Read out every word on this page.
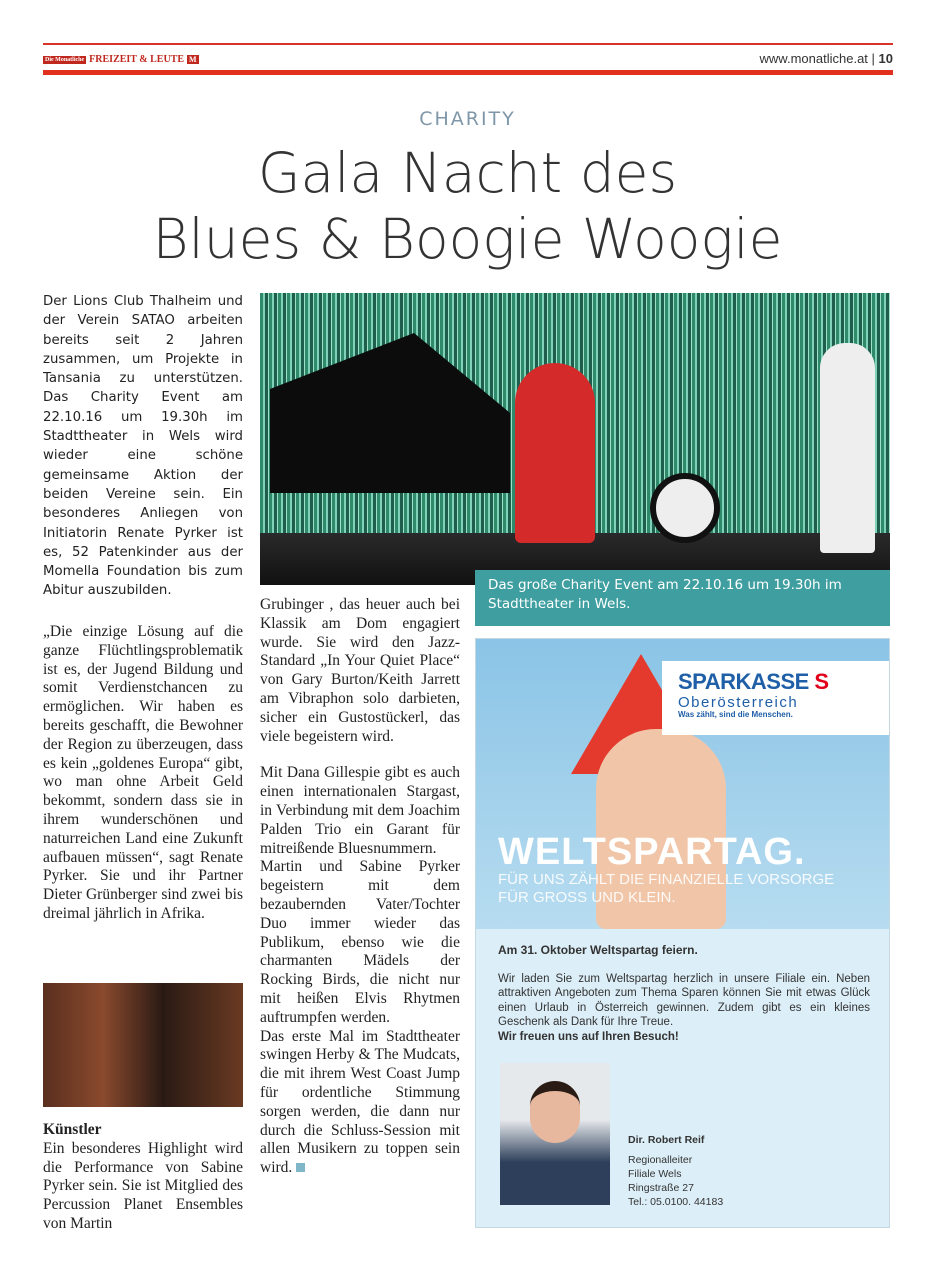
Die Monatliche FREIZEIT & LEUTE M	www.monatliche.at | 10
CHARITY
Gala Nacht des
Blues & Boogie Woogie

Der Lions Club Thalheim und der Verein SATAO arbeiten bereits seit 2 Jahren zusammen, um Projekte in Tansania zu unterstützen. Das Charity Event am 22.10.16 um 19.30h im Stadttheater in Wels wird wieder eine schöne gemeinsame Aktion der beiden Vereine sein. Ein besonderes Anliegen von Initiatorin Renate Pyrker ist es, 52 Patenkinder aus der Momella Foundation bis zum Abitur auszubilden.

„Die einzige Lösung auf die ganze Flüchtlingsproblematik ist es, der Jugend Bildung und somit Verdienstchancen zu ermöglichen. Wir haben es bereits geschafft, die Bewohner der Region zu überzeugen, dass es kein „goldenes Europa“ gibt, wo man ohne Arbeit Geld bekommt, sondern dass sie in ihrem wunderschönen und naturreichen Land eine Zukunft aufbauen müssen“, sagt Renate Pyrker. Sie und ihr Partner Dieter Grünberger sind zwei bis dreimal jährlich in Afrika.

Künstler

Ein besonderes Highlight wird die Performance von Sabine Pyrker sein. Sie ist Mitglied des Percussion Planet Ensembles von Martin

Grubinger , das heuer auch bei Klassik am Dom engagiert wurde. Sie wird den Jazz-Standard „In Your Quiet Place“ von Gary Burton/Keith Jarrett am Vibraphon solo darbieten, sicher ein Gustostückerl, das viele begeistern wird.

Mit Dana Gillespie gibt es auch einen internationalen Stargast, in Verbindung mit dem Joachim Palden Trio ein Garant für mitreißende Bluesnummern.

Martin und Sabine Pyrker begeistern mit dem bezaubernden Vater/Tochter Duo immer wieder das Publikum, ebenso wie die charmanten Mädels der Rocking Birds, die nicht nur mit heißen Elvis Rhytmen auftrumpfen werden.

Das erste Mal im Stadttheater swingen Herby & The Mudcats, die mit ihrem West Coast Jump für ordentliche Stimmung sorgen werden, die dann nur durch die Schluss-Session mit allen Musikern zu toppen sein wird.

Das große Charity Event am 22.10.16 um 19.30h im Stadttheater in Wels.
SPARKASSE S
Oberösterreich
Was zählt, sind die Menschen.
WELTSPARTAG.
FÜR UNS ZÄHLT DIE FINANZIELLE VORSORGE
FÜR GROSS UND KLEIN.
Am 31. Oktober Weltspartag feiern.

Wir laden Sie zum Weltspartag herzlich in unsere Filiale ein. Neben attraktiven Angeboten zum Thema Sparen können Sie mit etwas Glück einen Urlaub in Österreich gewinnen. Zudem gibt es ein kleines Geschenk als Dank für Ihre Treue.

Wir freuen uns auf Ihren Besuch!

Dir. Robert Reif
Regionalleiter
Filiale Wels
Ringstraße 27
Tel.: 05.0100. 44183
